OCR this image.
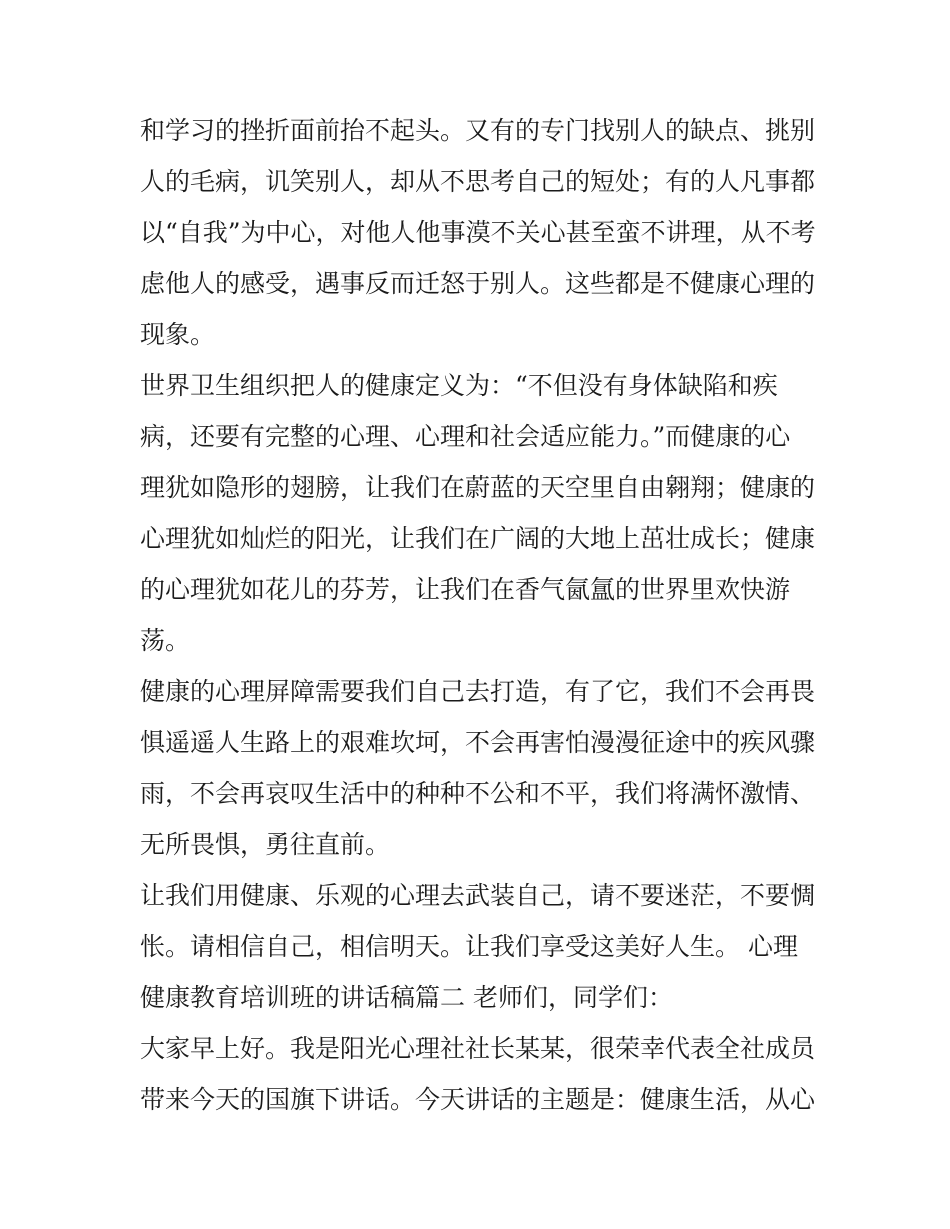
和学习的挫折面前抬不起头。又有的专门找别人的缺点、挑别
人的毛病，讥笑别人，却从不思考自己的短处；有的人凡事都
以“自我”为中心，对他人他事漠不关心甚至蛮不讲理，从不考
虑他人的感受，遇事反而迁怒于别人。这些都是不健康心理的
现象。
世界卫生组织把人的健康定义为：“不但没有身体缺陷和疾
病，还要有完整的心理、心理和社会适应能力。”而健康的心
理犹如隐形的翅膀，让我们在蔚蓝的天空里自由翱翔；健康的
心理犹如灿烂的阳光，让我们在广阔的大地上茁壮成长；健康
的心理犹如花儿的芬芳，让我们在香气氤氲的世界里欢快游
荡。
健康的心理屏障需要我们自己去打造，有了它，我们不会再畏
惧遥遥人生路上的艰难坎坷，不会再害怕漫漫征途中的疾风骤
雨，不会再哀叹生活中的种种不公和不平，我们将满怀激情、
无所畏惧，勇往直前。
让我们用健康、乐观的心理去武装自己，请不要迷茫，不要惆
怅。请相信自己，相信明天。让我们享受这美好人生。 心理
健康教育培训班的讲话稿篇二 老师们，同学们：
大家早上好。我是阳光心理社社长某某，很荣幸代表全社成员
带来今天的国旗下讲话。今天讲话的主题是：健康生活，从心
